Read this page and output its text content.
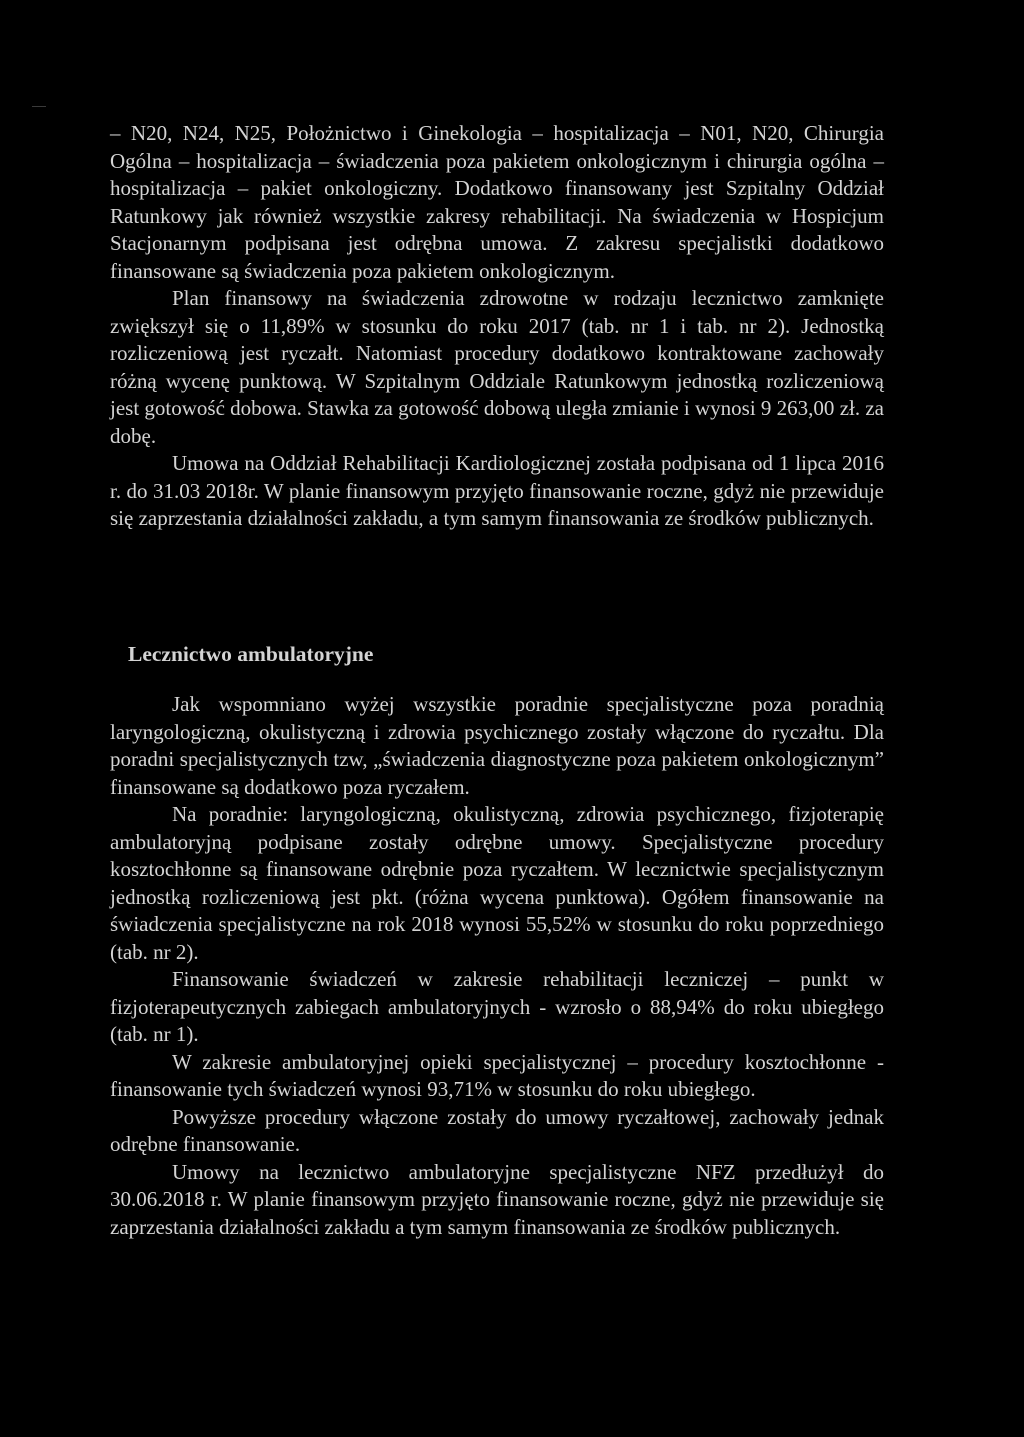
– N20, N24, N25, Położnictwo i Ginekologia – hospitalizacja – N01, N20, Chirurgia Ogólna – hospitalizacja – świadczenia poza pakietem onkologicznym i chirurgia ogólna – hospitalizacja – pakiet onkologiczny. Dodatkowo finansowany jest Szpitalny Oddział Ratunkowy jak również wszystkie zakresy rehabilitacji. Na świadczenia w Hospicjum Stacjonarnym podpisana jest odrębna umowa. Z zakresu specjalistki dodatkowo finansowane są świadczenia poza pakietem onkologicznym.

Plan finansowy na świadczenia zdrowotne w rodzaju lecznictwo zamknięte zwiększył się o 11,89% w stosunku do roku 2017 (tab. nr 1 i tab. nr 2). Jednostką rozliczeniową jest ryczałt. Natomiast procedury dodatkowo kontraktowane zachowały różną wycenę punktową. W Szpitalnym Oddziale Ratunkowym jednostką rozliczeniową jest gotowość dobowa. Stawka za gotowość dobową uległa zmianie i wynosi 9 263,00 zł. za dobę.

Umowa na Oddział Rehabilitacji Kardiologicznej została podpisana od 1 lipca 2016 r. do 31.03 2018r. W planie finansowym przyjęto finansowanie roczne, gdyż nie przewiduje się zaprzestania działalności zakładu, a tym samym finansowania ze środków publicznych.

Lecznictwo ambulatoryjne

Jak wspomniano wyżej wszystkie poradnie specjalistyczne poza poradnią laryngologiczną, okulistyczną i zdrowia psychicznego zostały włączone do ryczałtu. Dla poradni specjalistycznych tzw, „świadczenia diagnostyczne poza pakietem onkologicznym” finansowane są dodatkowo poza ryczałem.

Na poradnie: laryngologiczną, okulistyczną, zdrowia psychicznego, fizjoterapię ambulatoryjną podpisane zostały odrębne umowy. Specjalistyczne procedury kosztochłonne są finansowane odrębnie poza ryczałtem. W lecznictwie specjalistycznym jednostką rozliczeniową jest pkt. (różna wycena punktowa). Ogółem finansowanie na świadczenia specjalistyczne na rok 2018 wynosi 55,52% w stosunku do roku poprzedniego (tab. nr 2).

Finansowanie świadczeń w zakresie rehabilitacji leczniczej – punkt w fizjoterapeutycznych zabiegach ambulatoryjnych - wzrosło o 88,94% do roku ubiegłego (tab. nr 1).

W zakresie ambulatoryjnej opieki specjalistycznej – procedury kosztochłonne - finansowanie tych świadczeń wynosi 93,71% w stosunku do roku ubiegłego.

Powyższe procedury włączone zostały do umowy ryczałtowej, zachowały jednak odrębne finansowanie.

Umowy na lecznictwo ambulatoryjne specjalistyczne NFZ przedłużył do 30.06.2018 r. W planie finansowym przyjęto finansowanie roczne, gdyż nie przewiduje się zaprzestania działalności zakładu a tym samym finansowania ze środków publicznych.
